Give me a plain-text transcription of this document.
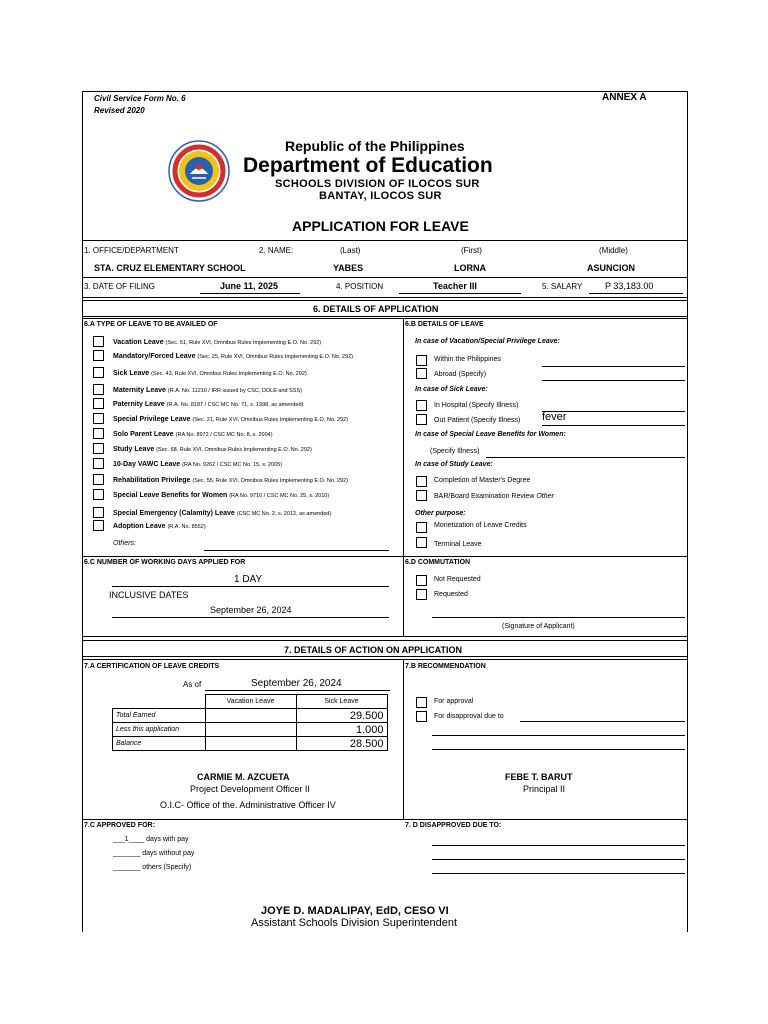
Civil Service Form No. 6
Revised 2020
ANNEX A
Republic of the Philippines
Department of Education
SCHOOLS DIVISION OF ILOCOS SUR
BANTAY, ILOCOS SUR
APPLICATION FOR LEAVE
1. OFFICE/DEPARTMENT	2. NAME:	(Last)	(First)	(Middle)
STA. CRUZ ELEMENTARY SCHOOL	YABES	LORNA	ASUNCION
3. DATE OF FILING	June 11, 2025	4. POSITION	Teacher III	5. SALARY	P 33,183.00
6. DETAILS OF APPLICATION
6.A TYPE OF LEAVE TO BE AVAILED OF	6.B DETAILS OF LEAVE
Vacation Leave (Sec. 51, Rule XVI, Omnibus Rules Implementing E.O. No. 292)
Mandatory/Forced Leave (Sec. 25, Rule XVI, Omnibus Rules Implementing E.O. No. 292)
Sick Leave (Sec. 43, Rule XVI, Omnibus Rules Implementing E.O. No. 292)
Maternity Leave (R.A. No. 11210 / IRR issued by CSC, DOLE and SSS)
Paternity Leave (R.A. No. 8187 / CSC MC No. 71, s. 1998, as amended)
Special Privilege Leave (Sec. 21, Rule XVI, Omnibus Rules Implementing E.O. No. 292)
Solo Parent Leave (RA No. 8972 / CSC MC No. 8, s. 2004)
Study Leave (Sec. 68, Rule XVI, Omnibus Rules Implementing E.O. No. 292)
10-Day VAWC Leave (RA No. 9262 / CSC MC No. 15, s. 2005)
Rehabilitation Privilege (Sec. 55, Rule XVI, Omnibus Rules Implementing E.O. No. 292)
Special Leave Benefits for Women (RA No. 9710 / CSC MC No. 25, s. 2010)
Special Emergency (Calamity) Leave (CSC MC No. 2, s. 2012, as amended)
Adoption Leave (R.A. No. 8552)
Others:
In case of Vacation/Special Privilege Leave:
Within the Philippines
Abroad (Specify)
In case of Sick Leave:
In Hospital (Specify Illness)
Out Patient (Specify Illness) fever
In case of Special Leave Benefits for Women:
(Specify Illness)
In case of Study Leave:
Completion of Master's Degree
BAR/Board Examination Review Other
Other purpose:
Monetization of Leave Credits
Terminal Leave
6.C NUMBER OF WORKING DAYS APPLIED FOR
1 DAY
INCLUSIVE DATES
September 26, 2024
6.D COMMUTATION
Not Requested
Requested
(Signature of Applicant)
7. DETAILS OF ACTION ON APPLICATION
7.A CERTIFICATION OF LEAVE CREDITS
As of	September 26, 2024
	Vacation Leave	Sick Leave
Total Earned		29.500
Less this application		1.000
Balance		28.500
CARMIE M. AZCUETA
Project Development Officer II
O.I.C- Office of the. Administrative Officer IV
7.B RECOMMENDATION
For approval
For disapproval due to
FEBE T. BARUT
Principal II
7.C APPROVED FOR:
___1____ days with pay
_______ days without pay
_______ others (Specify)
7. D DISAPPROVED DUE TO:
JOYE D. MADALIPAY, EdD, CESO VI
Assistant Schools Division Superintendent
